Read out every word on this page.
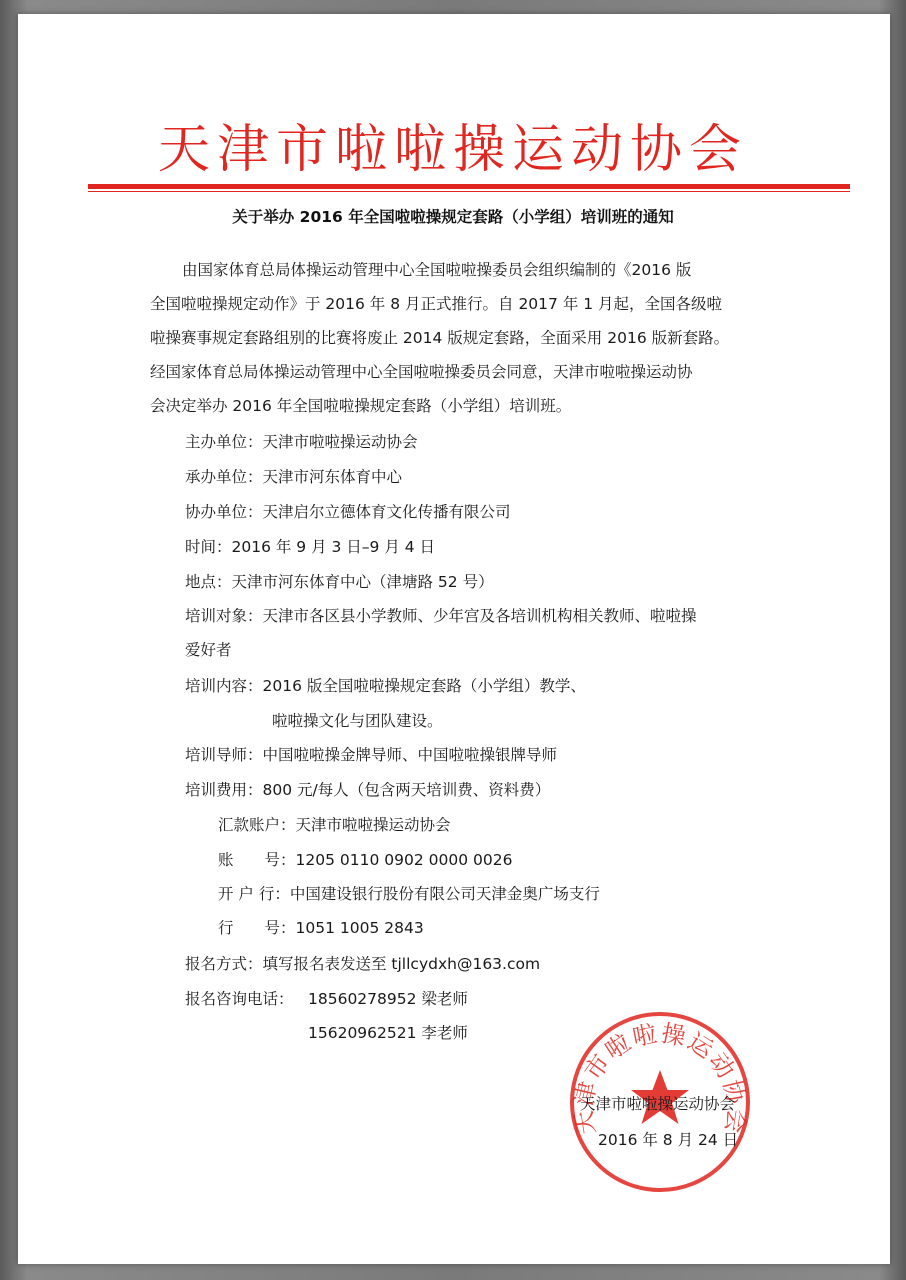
天津市啦啦操运动协会
关于举办 2016 年全国啦啦操规定套路（小学组）培训班的通知
由国家体育总局体操运动管理中心全国啦啦操委员会组织编制的《2016 版
全国啦啦操规定动作》于 2016 年 8 月正式推行。自 2017 年 1 月起，全国各级啦
啦操赛事规定套路组别的比赛将废止 2014 版规定套路，全面采用 2016 版新套路。
经国家体育总局体操运动管理中心全国啦啦操委员会同意，天津市啦啦操运动协
会决定举办 2016 年全国啦啦操规定套路（小学组）培训班。
主办单位：天津市啦啦操运动协会
承办单位：天津市河东体育中心
协办单位：天津启尔立德体育文化传播有限公司
时间：2016 年 9 月 3 日–9 月 4 日
地点：天津市河东体育中心（津塘路 52 号）
培训对象：天津市各区县小学教师、少年宫及各培训机构相关教师、啦啦操
爱好者
培训内容：2016 版全国啦啦操规定套路（小学组）教学、
啦啦操文化与团队建设。
培训导师：中国啦啦操金牌导师、中国啦啦操银牌导师
培训费用：800 元/每人（包含两天培训费、资料费）
汇款账户：天津市啦啦操运动协会
账　　号：1205 0110 0902 0000 0026
开 户 行：中国建设银行股份有限公司天津金奥广场支行
行　　号：1051 1005 2843
报名方式：填写报名表发送至 tjllcydxh@163.com
报名咨询电话： 18560278952 梁老师
15620962521 李老师
天津市啦啦操运动协会
天津市啦啦操运动协会
2016 年 8 月 24 日
